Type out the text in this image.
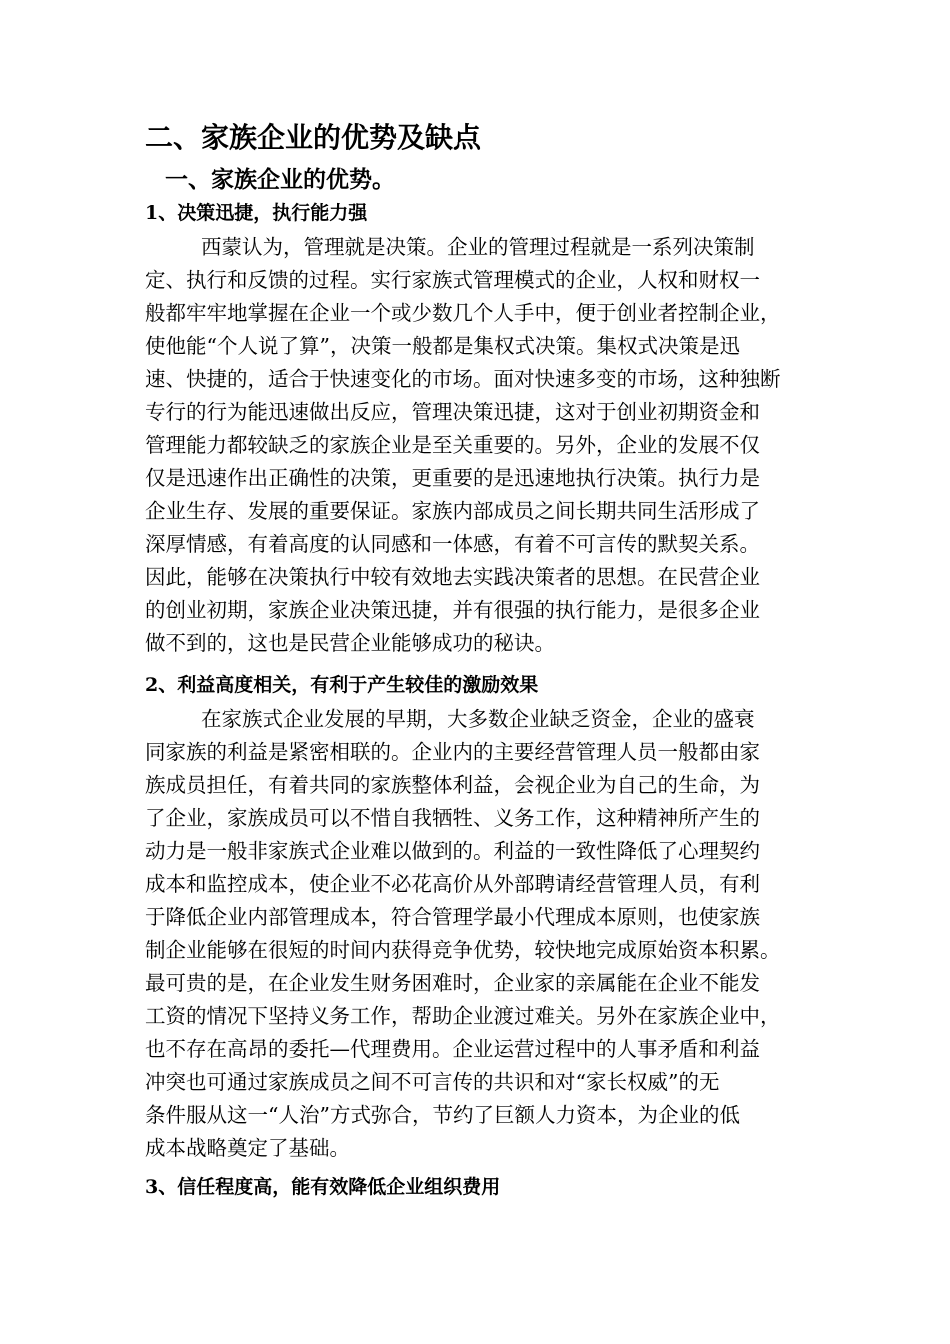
二、家族企业的优势及缺点
一、家族企业的优势。
1、决策迅捷，执行能力强
西蒙认为，管理就是决策。企业的管理过程就是一系列决策制
定、执行和反馈的过程。实行家族式管理模式的企业，人权和财权一
般都牢牢地掌握在企业一个或少数几个人手中，便于创业者控制企业，
使他能“个人说了算”，决策一般都是集权式决策。集权式决策是迅
速、快捷的，适合于快速变化的市场。面对快速多变的市场，这种独断
专行的行为能迅速做出反应，管理决策迅捷，这对于创业初期资金和
管理能力都较缺乏的家族企业是至关重要的。另外，企业的发展不仅
仅是迅速作出正确性的决策，更重要的是迅速地执行决策。执行力是
企业生存、发展的重要保证。家族内部成员之间长期共同生活形成了
深厚情感，有着高度的认同感和一体感，有着不可言传的默契关系。
因此，能够在决策执行中较有效地去实践决策者的思想。在民营企业
的创业初期，家族企业决策迅捷，并有很强的执行能力，是很多企业
做不到的，这也是民营企业能够成功的秘诀。
2、利益高度相关，有利于产生较佳的激励效果
在家族式企业发展的早期，大多数企业缺乏资金，企业的盛衰
同家族的利益是紧密相联的。企业内的主要经营管理人员一般都由家
族成员担任，有着共同的家族整体利益，会视企业为自己的生命，为
了企业，家族成员可以不惜自我牺牲、义务工作，这种精神所产生的
动力是一般非家族式企业难以做到的。利益的一致性降低了心理契约
成本和监控成本，使企业不必花高价从外部聘请经营管理人员，有利
于降低企业内部管理成本，符合管理学最小代理成本原则，也使家族
制企业能够在很短的时间内获得竞争优势，较快地完成原始资本积累。
最可贵的是，在企业发生财务困难时，企业家的亲属能在企业不能发
工资的情况下坚持义务工作，帮助企业渡过难关。另外在家族企业中，
也不存在高昂的委托—代理费用。企业运营过程中的人事矛盾和利益
冲突也可通过家族成员之间不可言传的共识和对“家长权威”的无
条件服从这一“人治”方式弥合，节约了巨额人力资本，为企业的低
成本战略奠定了基础。
3、信任程度高，能有效降低企业组织费用
